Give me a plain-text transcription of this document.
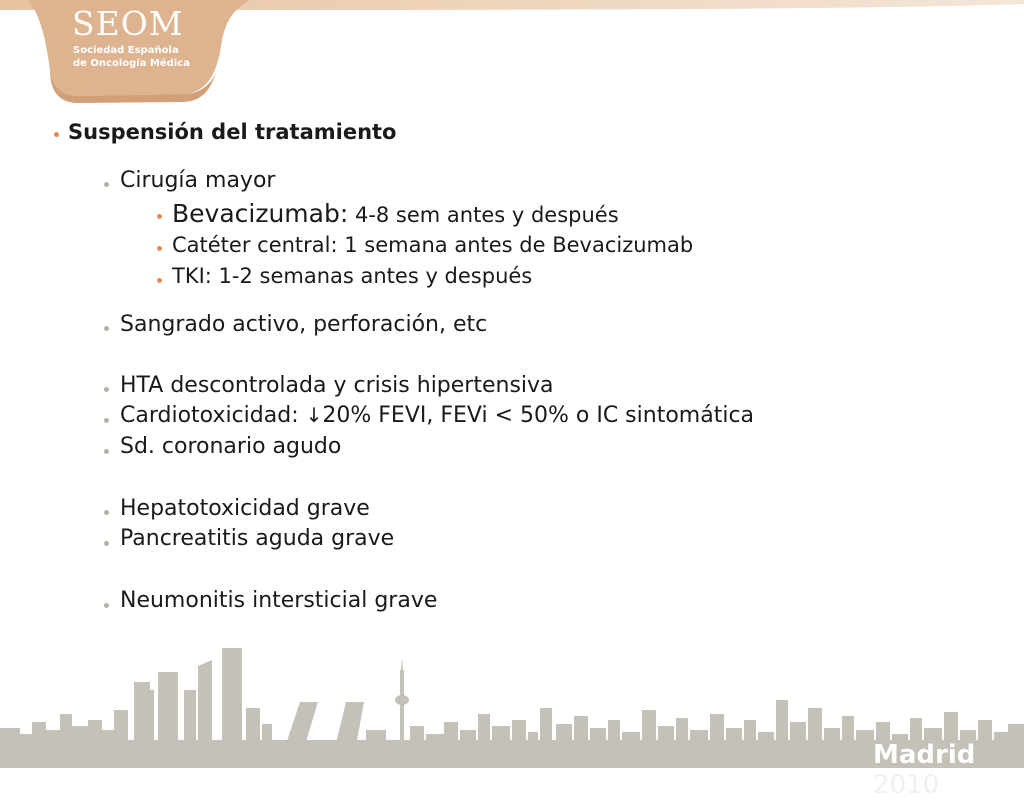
SEOM
Sociedad Española
de Oncología Médica
Suspensión del tratamiento
Cirugía mayor
Bevacizumab: 4-8 sem antes y después
Catéter central: 1 semana antes de Bevacizumab
TKI: 1-2 semanas antes y después
Sangrado activo, perforación, etc
HTA descontrolada y crisis hipertensiva
Cardiotoxicidad: ↓20% FEVI, FEVi < 50% o IC sintomática
Sd. coronario agudo
Hepatotoxicidad grave
Pancreatitis aguda grave
Neumonitis intersticial grave
Madrid 2010
